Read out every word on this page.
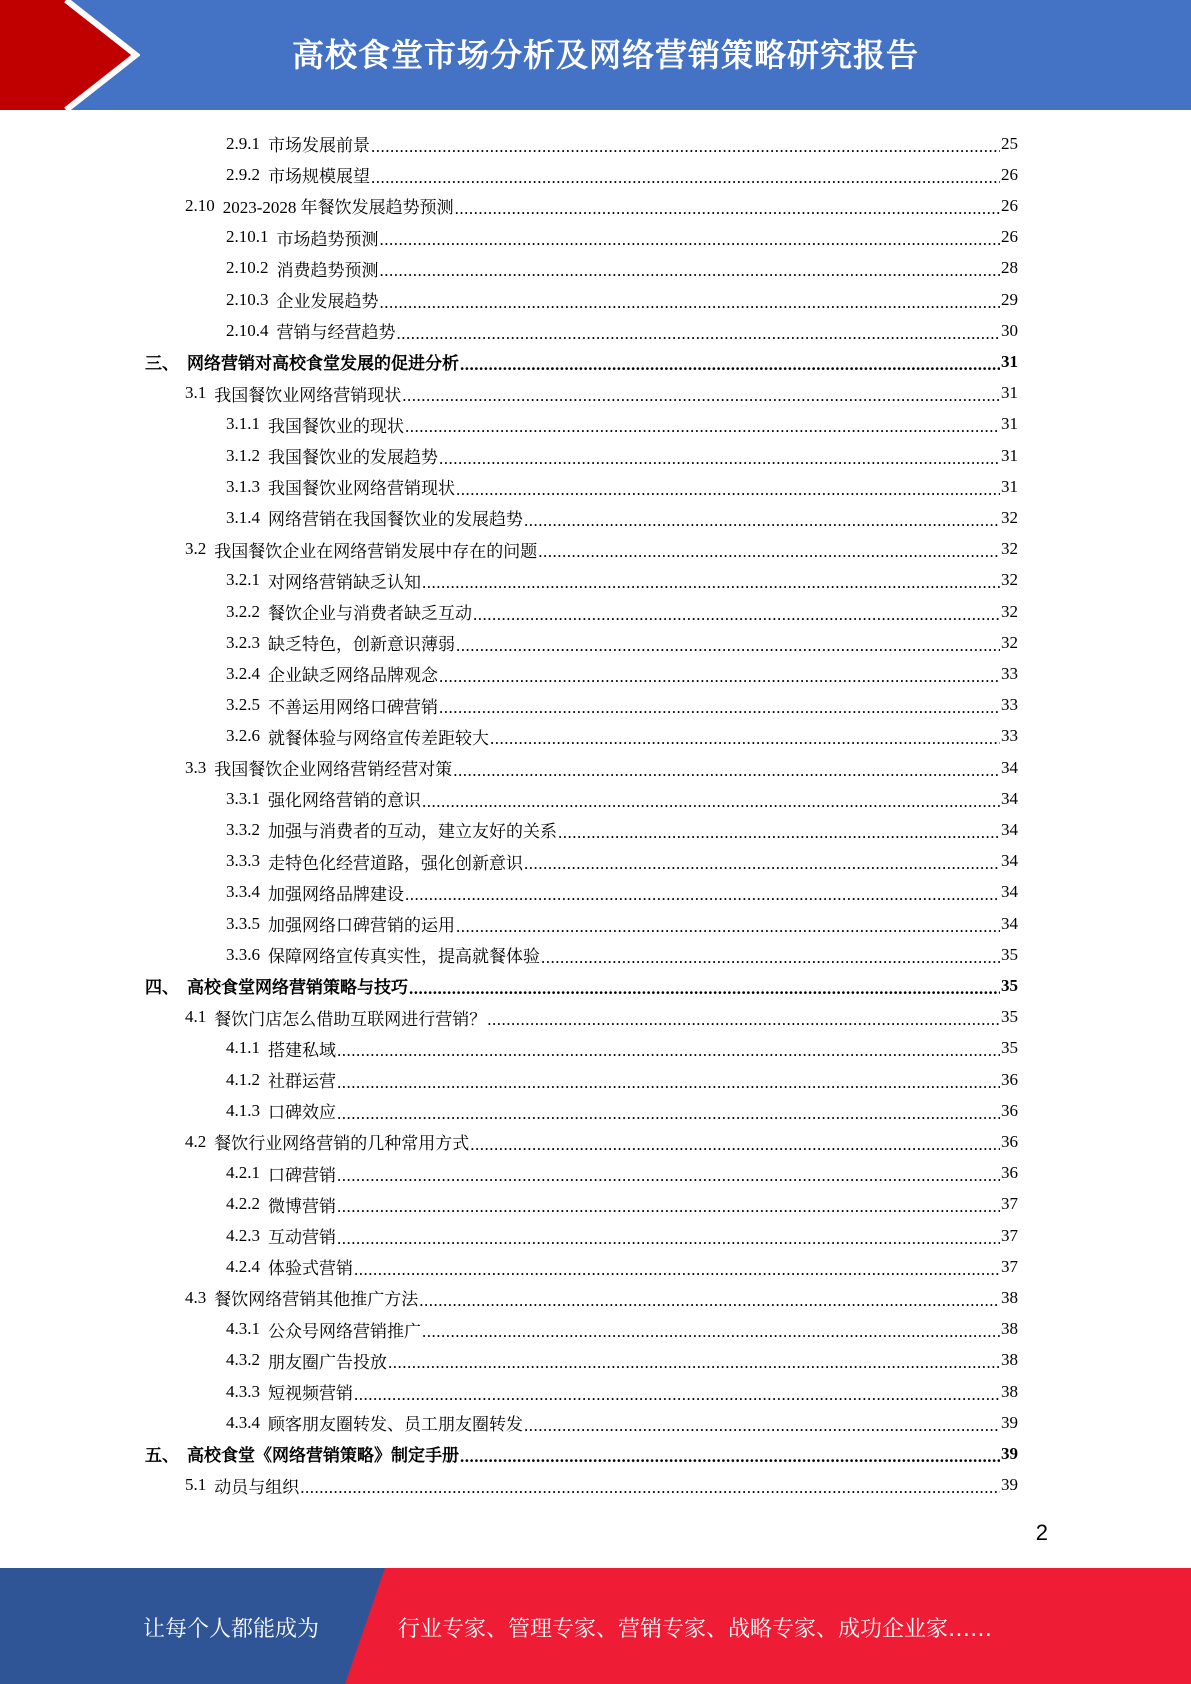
高校食堂市场分析及网络营销策略研究报告
2.9.1 市场发展前景 .....	25
2.9.2 市场规模展望 .....	26
2.10 2023-2028 年餐饮发展趋势预测 .....	26
2.10.1 市场趋势预测 .....	26
2.10.2 消费趋势预测 .....	28
2.10.3 企业发展趋势 .....	29
2.10.4 营销与经营趋势 .....	30
三、 网络营销对高校食堂发展的促进分析 .....	31
3.1 我国餐饮业网络营销现状 .....	31
3.1.1 我国餐饮业的现状 .....	31
3.1.2 我国餐饮业的发展趋势 .....	31
3.1.3 我国餐饮业网络营销现状 .....	31
3.1.4 网络营销在我国餐饮业的发展趋势 .....	32
3.2 我国餐饮企业在网络营销发展中存在的问题 .....	32
3.2.1 对网络营销缺乏认知 .....	32
3.2.2 餐饮企业与消费者缺乏互动 .....	32
3.2.3 缺乏特色，创新意识薄弱 .....	32
3.2.4 企业缺乏网络品牌观念 .....	33
3.2.5 不善运用网络口碑营销 .....	33
3.2.6 就餐体验与网络宣传差距较大 .....	33
3.3 我国餐饮企业网络营销经营对策 .....	34
3.3.1 强化网络营销的意识 .....	34
3.3.2 加强与消费者的互动，建立友好的关系 .....	34
3.3.3 走特色化经营道路，强化创新意识 .....	34
3.3.4 加强网络品牌建设 .....	34
3.3.5 加强网络口碑营销的运用 .....	34
3.3.6 保障网络宣传真实性，提高就餐体验 .....	35
四、 高校食堂网络营销策略与技巧 .....	35
4.1 餐饮门店怎么借助互联网进行营销？ .....	35
4.1.1 搭建私域 .....	35
4.1.2 社群运营 .....	36
4.1.3 口碑效应 .....	36
4.2 餐饮行业网络营销的几种常用方式 .....	36
4.2.1 口碑营销 .....	36
4.2.2 微博营销 .....	37
4.2.3 互动营销 .....	37
4.2.4 体验式营销 .....	37
4.3 餐饮网络营销其他推广方法 .....	38
4.3.1 公众号网络营销推广 .....	38
4.3.2 朋友圈广告投放 .....	38
4.3.3 短视频营销 .....	38
4.3.4 顾客朋友圈转发、员工朋友圈转发 .....	39
五、 高校食堂《网络营销策略》制定手册 .....	39
5.1 动员与组织 .....	39
2
让每个人都能成为	行业专家、管理专家、营销专家、战略专家、成功企业家……
